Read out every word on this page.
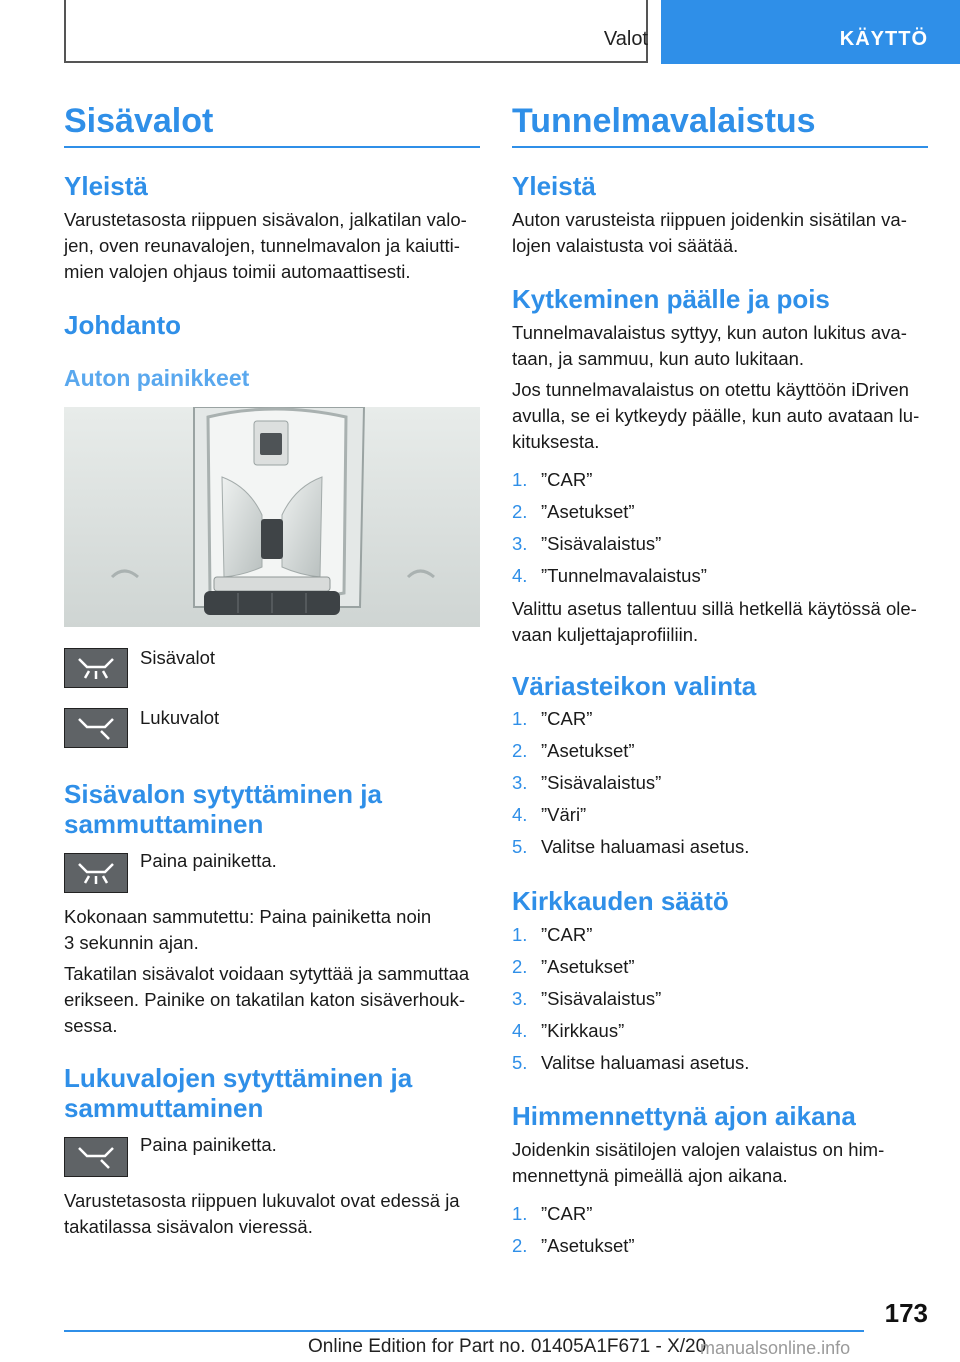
Valot	KÄYTTÖ
Sisävalot
Yleistä

Varustetasosta riippuen sisävalon, jalkatilan valo-
jen, oven reunavalojen, tunnelmavalon ja kaiutti-
mien valojen ohjaus toimii automaattisesti.

Johdanto
Auton painikkeet
Sisävalot
Lukuvalot
Sisävalon sytyttäminen ja
sammuttaminen
Paina painiketta.

Kokonaan sammutettu: Paina painiketta noin
3 sekunnin ajan.

Takatilan sisävalot voidaan sytyttää ja sammuttaa
erikseen. Painike on takatilan katon sisäverhouk-
sessa.

Lukuvalojen sytyttäminen ja
sammuttaminen
Paina painiketta.

Varustetasosta riippuen lukuvalot ovat edessä ja
takatilassa sisävalon vieressä.

Tunnelmavalaistus
Yleistä

Auton varusteista riippuen joidenkin sisätilan va-
lojen valaistusta voi säätää.

Kytkeminen päälle ja pois

Tunnelmavalaistus syttyy, kun auton lukitus ava-
taan, ja sammuu, kun auto lukitaan.

Jos tunnelmavalaistus on otettu käyttöön iDriven
avulla, se ei kytkeydy päälle, kun auto avataan lu-
kituksesta.

1. ”CAR”
2. ”Asetukset”
3. ”Sisävalaistus”
4. ”Tunnelmavalaistus”

Valittu asetus tallentuu sillä hetkellä käytössä ole-
vaan kuljettajaprofiiliin.

Väriasteikon valinta
1. ”CAR”
2. ”Asetukset”
3. ”Sisävalaistus”
4. ”Väri”
5. Valitse haluamasi asetus.
Kirkkauden säätö
1. ”CAR”
2. ”Asetukset”
3. ”Sisävalaistus”
4. ”Kirkkaus”
5. Valitse haluamasi asetus.
Himmennettynä ajon aikana

Joidenkin sisätilojen valojen valaistus on him-
mennettynä pimeällä ajon aikana.

1. ”CAR”
2. ”Asetukset”
173
Online Edition for Part no. 01405A1F671 - X/20
manualsonline.info
